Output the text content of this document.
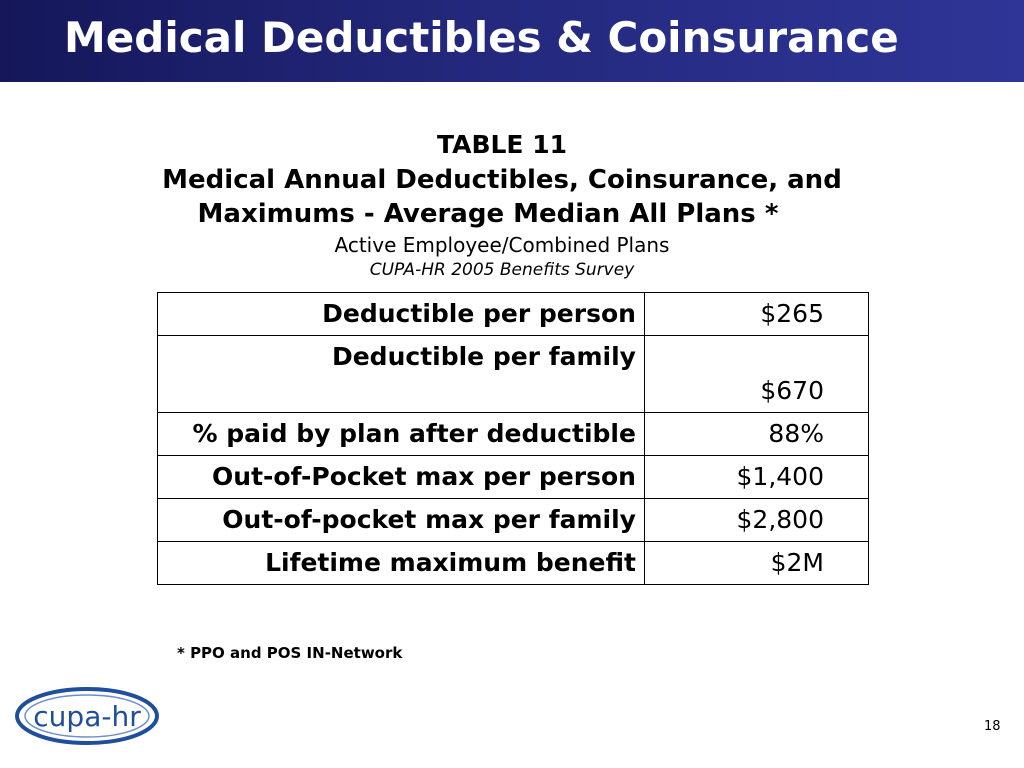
Medical Deductibles & Coinsurance
TABLE 11
Medical Annual Deductibles, Coinsurance, and
Maximums - Average Median All Plans *
Active Employee/Combined Plans
CUPA-HR 2005 Benefits Survey
Deductible per person	$265
Deductible per family	$670
% paid by plan after deductible	88%
Out-of-Pocket max per person	$1,400
Out-of-pocket max per family	$2,800
Lifetime maximum benefit	$2M
* PPO and POS IN-Network
cupa-hr	18
